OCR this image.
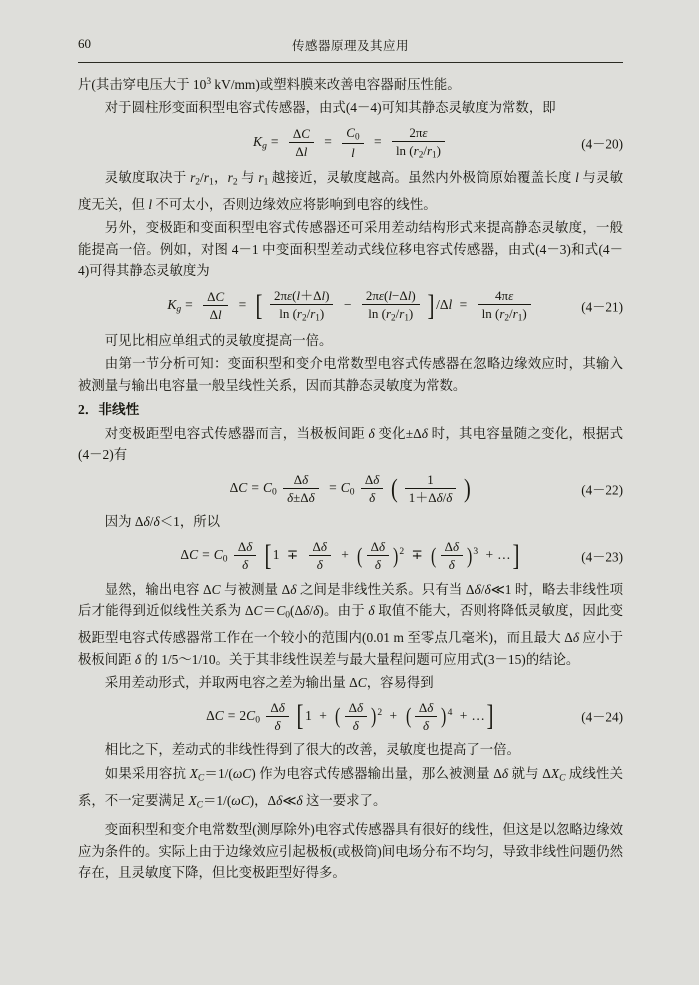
60	传感器原理及其应用

片(其击穿电压大于 $10^3$ kV/mm)或塑料膜来改善电容器耐压性能。

对于圆柱形变面积型电容式传感器，由式(4－4)可知其静态灵敏度为常数，即

$K_g = \frac{\Delta C}{\Delta l} = \frac{C_0}{l} = \frac{2\pi\varepsilon}{\ln (r_2/r_1)}$	(4－20)

灵敏度取决于 $r_2/r_1$，$r_2$ 与 $r_1$ 越接近，灵敏度越高。虽然内外极筒原始覆盖长度 l 与灵敏度无关，但 l 不可太小，否则边缘效应将影响到电容的线性。

另外，变极距和变面积型电容式传感器还可采用差动结构形式来提高静态灵敏度，一般能提高一倍。例如，对图 4－1 中变面积型差动式线位移电容式传感器，由式(4－3)和式(4－4)可得其静态灵敏度为

$K_g = \frac{\Delta C}{\Delta l}$ = [ $\frac{2\pi\varepsilon(l+\Delta l)}{\ln (r_2/r_1)} - \frac{2\pi\varepsilon(l-\Delta l)}{\ln (r_2/r_1)}$ ] $/\Delta l = \frac{4\pi\varepsilon}{\ln (r_2/r_1)}$	(4－21)

可见比相应单组式的灵敏度提高一倍。

由第一节分析可知：变面积型和变介电常数型电容式传感器在忽略边缘效应时，其输入被测量与输出电容量一般呈线性关系，因而其静态灵敏度为常数。

2．非线性

对变极距型电容式传感器而言，当极板间距 δ 变化±Δδ 时，其电容量随之变化，根据式(4－2)有

$\Delta C = C_0 \frac{\Delta\delta}{\delta\pm\Delta\delta} = C_0 \frac{\Delta\delta}{\delta}$ ( $\frac{1}{1+\Delta\delta/\delta}$ )	(4－22)

因为 Δδ/δ＜1，所以

$\Delta C = C_0 \frac{\Delta\delta}{\delta}$ [ $1 \mp \frac{\Delta\delta}{\delta}$ + ( $\frac{\Delta\delta}{\delta} )^2$ ∓ ( $\frac{\Delta\delta}{\delta} )^3$ + …]	(4－23)

显然，输出电容 ΔC 与被测量 Δδ 之间是非线性关系。只有当 Δδ/δ≪1 时，略去非线性项后才能得到近似线性关系为 $\Delta C=C_0(\Delta\delta/\delta)$。由于 δ 取值不能大，否则将降低灵敏度，因此变极距型电容式传感器常工作在一个较小的范围内(0.01 m 至零点几毫米)，而且最大 Δδ 应小于极板间距 δ 的 1/5～1/10。关于其非线性误差与最大量程问题可应用式(3－15)的结论。

采用差动形式，并取两电容之差为输出量 ΔC，容易得到

$\Delta C = 2C_0 \frac{\Delta\delta}{\delta}$ [ 1 + ( $\frac{\Delta\delta}{\delta} )^2$ + ( $\frac{\Delta\delta}{\delta} )^4$ + …]	(4－24)

相比之下，差动式的非线性得到了很大的改善，灵敏度也提高了一倍。

如果采用容抗 $X_C=1/(\omega C)$ 作为电容式传感器输出量，那么被测量 Δδ 就与 $\Delta X_C$ 成线性关系，不一定要满足 $X_C=1/(\omega C)$，Δδ≪δ 这一要求了。

变面积型和变介电常数型(测厚除外)电容式传感器具有很好的线性，但这是以忽略边缘效应为条件的。实际上由于边缘效应引起极板(或极筒)间电场分布不均匀，导致非线性问题仍然存在，且灵敏度下降，但比变极距型好得多。
